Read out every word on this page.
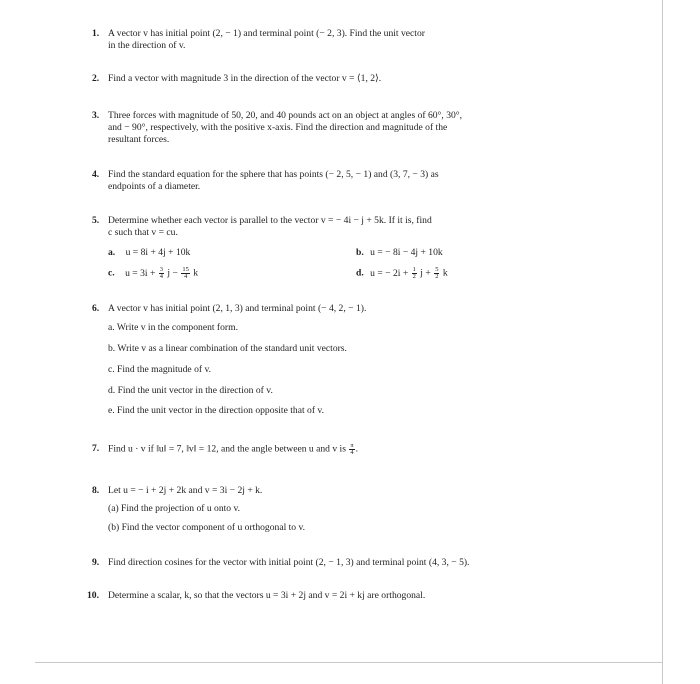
1. A vector v has initial point (2, − 1) and terminal point (− 2, 3). Find the unit vector
in the direction of v.
2. Find a vector with magnitude 3 in the direction of the vector v = ⟨1, 2⟩.
3. Three forces with magnitude of 50, 20, and 40 pounds act on an object at angles of 60°, 30°,
and − 90°, respectively, with the positive x-axis. Find the direction and magnitude of the
resultant forces.
4. Find the standard equation for the sphere that has points (− 2, 5, − 1) and (3, 7, − 3) as
endpoints of a diameter.
5. Determine whether each vector is parallel to the vector v = − 4i − j + 5k. If it is, find
c such that v = cu.
a. u = 8i + 4j + 10k	b. u = − 8i − 4j + 10k
c. $u = 3i + \frac{3}{4}$ $j - \frac{15}{4}$ k	d. u = − $2i + \frac{1}{2}$ $j + \frac{5}{2}$ k
6. A vector v has initial point (2, 1, 3) and terminal point (− 4, 2, − 1).
a. Write v in the component form.
b. Write v as a linear combination of the standard unit vectors.
c. Find the magnitude of v.
d. Find the unit vector in the direction of v.
e. Find the unit vector in the direction opposite that of v.
7. Find u · v if ‖u‖ = 7, ‖v‖ = 12, and the angle between u and v is $\frac{\pi}{4}$ .
8. Let u = − i + 2j + 2k and v = 3i − 2j + k.
(a) Find the projection of u onto v.
(b) Find the vector component of u orthogonal to v.
9. Find direction cosines for the vector with initial point (2, − 1, 3) and terminal point (4, 3, − 5).
10. Determine a scalar, k, so that the vectors u = 3i + 2j and v = 2i + kj are orthogonal.
